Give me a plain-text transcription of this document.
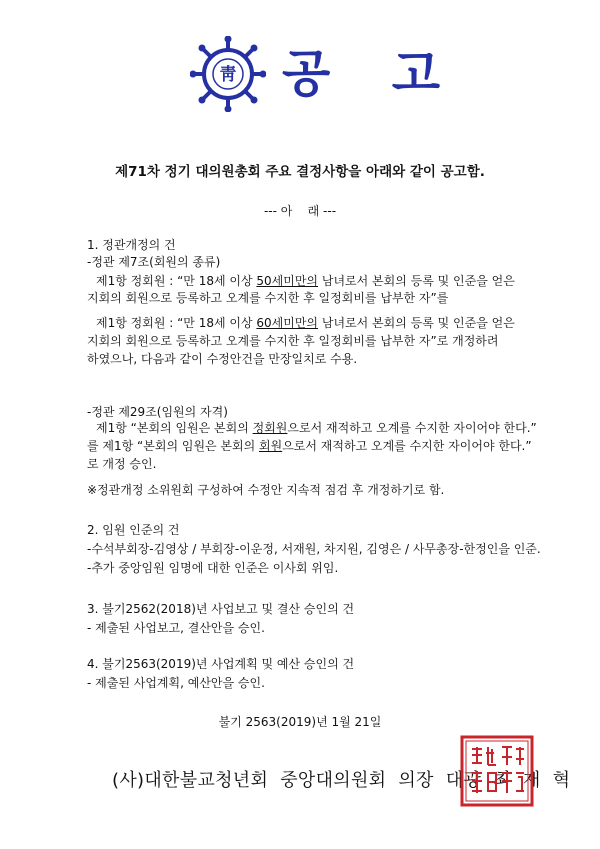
靑 공 고
제71차 정기 대의원총회 주요 결정사항을 아래와 같이 공고함.
--- 아    래 ---
1. 정관개정의 건
-정관 제7조(회원의 종류)
제1항 정회원 : “만 18세 이상 50세미만의 남녀로서 본회의 등록 및 인준을 얻은
지회의 회원으로 등록하고 오계를 수지한 후 일정회비를 납부한 자”를
제1항 정회원 : “만 18세 이상 60세미만의 남녀로서 본회의 등록 및 인준을 얻은
지회의 회원으로 등록하고 오계를 수지한 후 일정회비를 납부한 자”로 개정하려
하였으나, 다음과 같이 수정안건을 만장일치로 수용.
-정관 제29조(임원의 자격)
제1항 “본회의 임원은 본회의 정회원으로서 재적하고 오계를 수지한 자이어야 한다.”
를 제1항 “본회의 임원은 본회의 회원으로서 재적하고 오계를 수지한 자이어야 한다.”
로 개정 승인.
※정관개정 소위원회 구성하여 수정안 지속적 점검 후 개정하기로 함.
2. 임원 인준의 건
-수석부회장-김영상 / 부회장-이운정, 서재원, 차지원, 김영은 / 사무총장-한정인을 인준.
-추가 중앙임원 임명에 대한 인준은 이사회 위임.
3. 불기2562(2018)년 사업보고 및 결산 승인의 건
- 제출된 사업보고, 결산안을 승인.
4. 불기2563(2019)년 사업계획 및 예산 승인의 건
- 제출된 사업계획, 예산안을 승인.
불기 2563(2019)년 1월 21일
(사)대한불교청년회  중앙대의원회  의장  대광  최  재  혁
